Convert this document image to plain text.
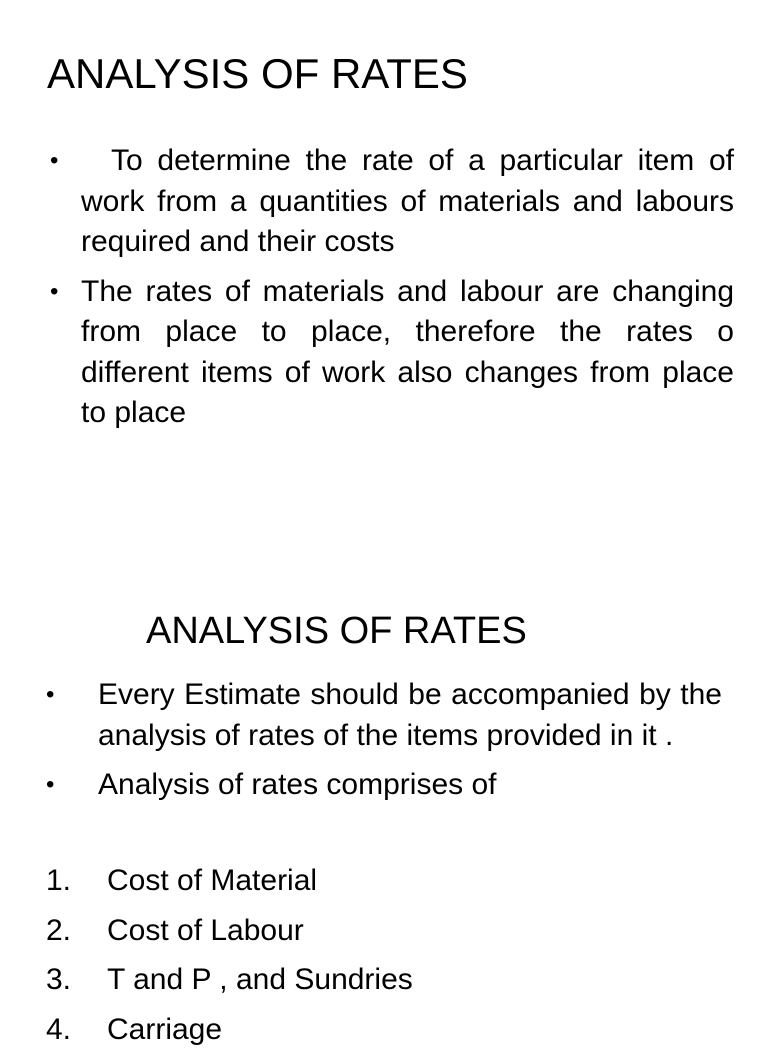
ANALYSIS OF RATES
• To determine the rate of a particular item of work from a quantities of materials and labours required and their costs
• The rates of materials and labour are changing from place to place, therefore the rates o different items of work also changes from place to place
ANALYSIS OF RATES
• Every Estimate should be accompanied by the analysis of rates of the items provided in it .
• Analysis of rates comprises of
1. Cost of Material
2. Cost of Labour
3. T and P , and Sundries
4. Carriage
